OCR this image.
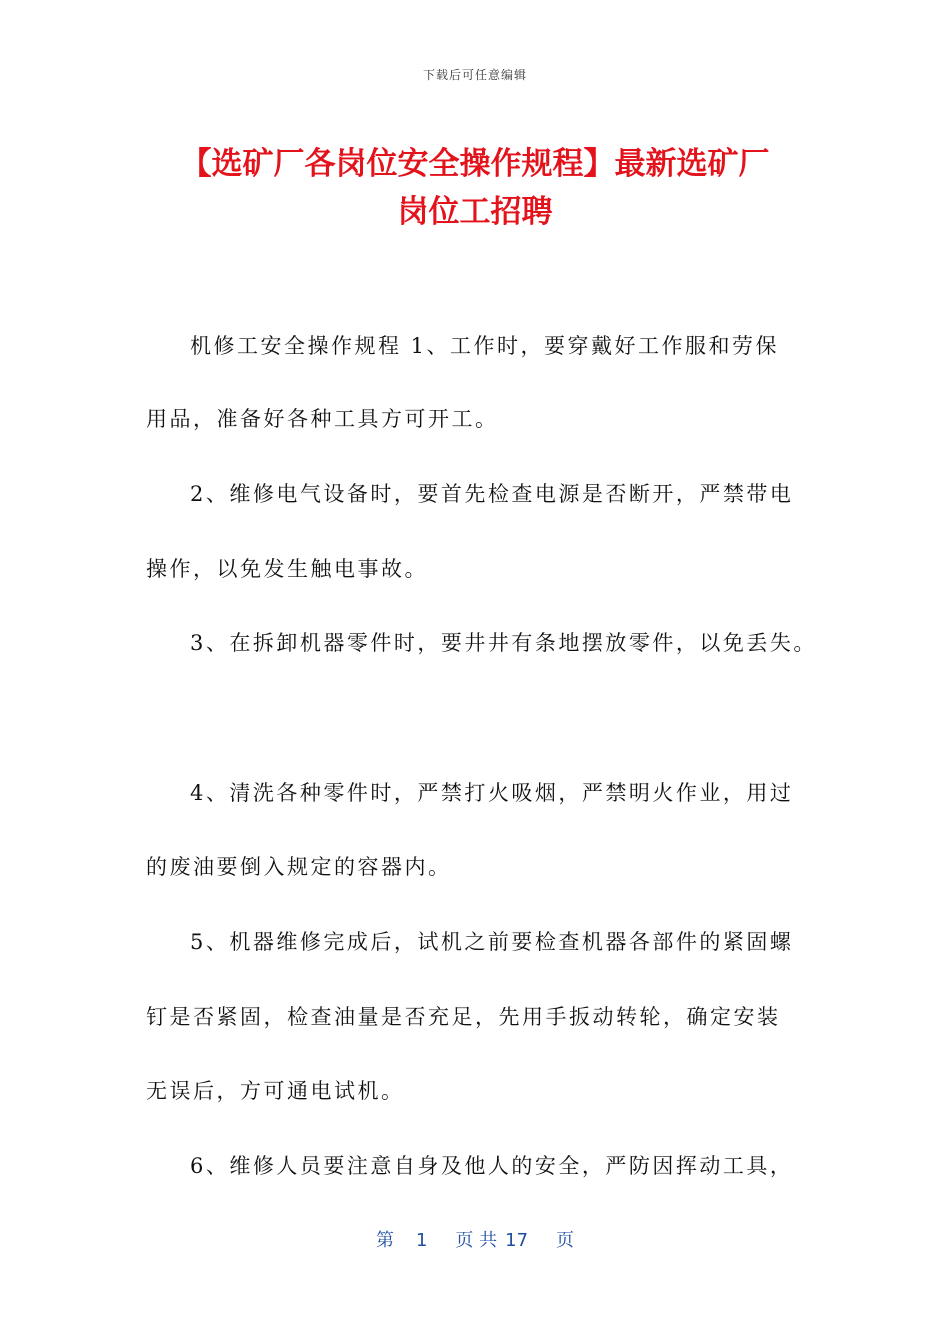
下载后可任意编辑
【选矿厂各岗位安全操作规程】最新选矿厂
岗位工招聘
机修工安全操作规程 1、工作时，要穿戴好工作服和劳保
用品，准备好各种工具方可开工。
2、维修电气设备时，要首先检查电源是否断开，严禁带电
操作，以免发生触电事故。
3、在拆卸机器零件时，要井井有条地摆放零件，以免丢失。
4、清洗各种零件时，严禁打火吸烟，严禁明火作业，用过
的废油要倒入规定的容器内。
5、机器维修完成后，试机之前要检查机器各部件的紧固螺
钉是否紧固，检查油量是否充足，先用手扳动转轮，确定安装
无误后，方可通电试机。
6、维修人员要注意自身及他人的安全，严防因挥动工具，
第 1 页 共 17 页
